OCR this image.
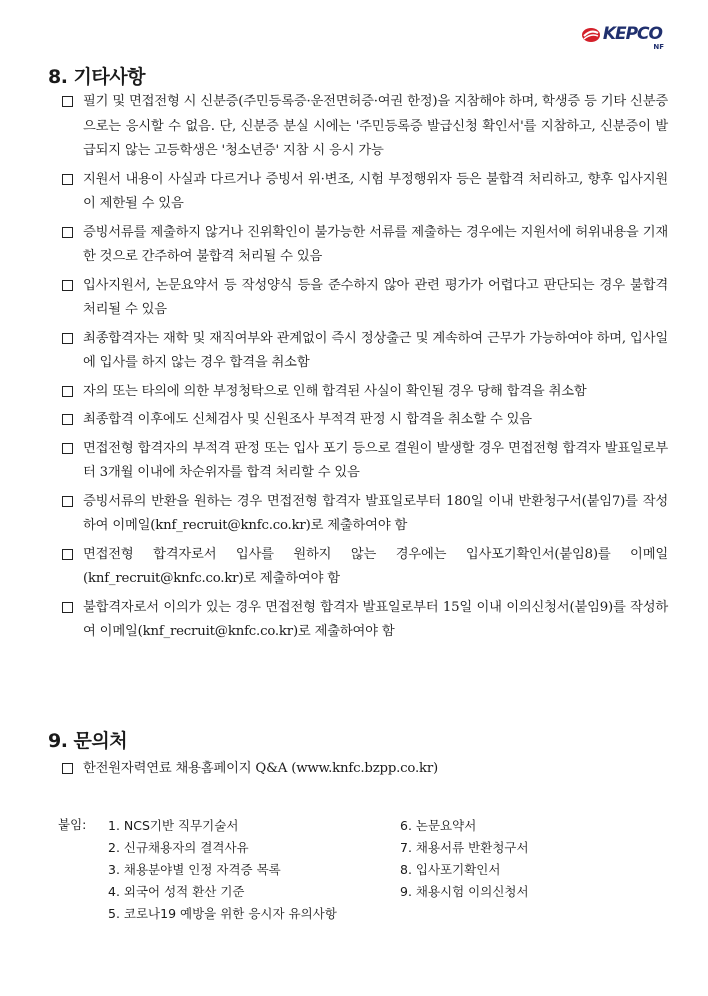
KEPCO
NF
8. 기타사항
필기 및 면접전형 시 신분증(주민등록증·운전면허증·여권 한정)을 지참해야 하며, 학생증 등 기타 신분증으로는 응시할 수 없음. 단, 신분증 분실 시에는 '주민등록증 발급신청 확인서'를 지참하고, 신분증이 발급되지 않는 고등학생은 '청소년증' 지참 시 응시 가능
지원서 내용이 사실과 다르거나 증빙서 위·변조, 시험 부정행위자 등은 불합격 처리하고, 향후 입사지원이 제한될 수 있음
증빙서류를 제출하지 않거나 진위확인이 불가능한 서류를 제출하는 경우에는 지원서에 허위내용을 기재한 것으로 간주하여 불합격 처리될 수 있음
입사지원서, 논문요약서 등 작성양식 등을 준수하지 않아 관련 평가가 어렵다고 판단되는 경우 불합격 처리될 수 있음
최종합격자는 재학 및 재직여부와 관계없이 즉시 정상출근 및 계속하여 근무가 가능하여야 하며, 입사일에 입사를 하지 않는 경우 합격을 취소함
자의 또는 타의에 의한 부정청탁으로 인해 합격된 사실이 확인될 경우 당해 합격을 취소함
최종합격 이후에도 신체검사 및 신원조사 부적격 판정 시 합격을 취소할 수 있음
면접전형 합격자의 부적격 판정 또는 입사 포기 등으로 결원이 발생할 경우 면접전형 합격자 발표일로부터 3개월 이내에 차순위자를 합격 처리할 수 있음
증빙서류의 반환을 원하는 경우 면접전형 합격자 발표일로부터 180일 이내 반환청구서(붙임7)를 작성하여 이메일(knf_recruit@knfc.co.kr)로 제출하여야 함
면접전형 합격자로서 입사를 원하지 않는 경우에는 입사포기확인서(붙임8)를 이메일(knf_recruit@knfc.co.kr)로 제출하여야 함
불합격자로서 이의가 있는 경우 면접전형 합격자 발표일로부터 15일 이내 이의신청서(붙임9)를 작성하여 이메일(knf_recruit@knfc.co.kr)로 제출하여야 함
9. 문의처
한전원자력연료 채용홈페이지 Q&A (www.knfc.bzpp.co.kr)
붙임: 1. NCS기반 직무기술서
2. 신규채용자의 결격사유
3. 채용분야별 인정 자격증 목록
4. 외국어 성적 환산 기준
5. 코로나19 예방을 위한 응시자 유의사항
6. 논문요약서
7. 채용서류 반환청구서
8. 입사포기확인서
9. 채용시험 이의신청서
